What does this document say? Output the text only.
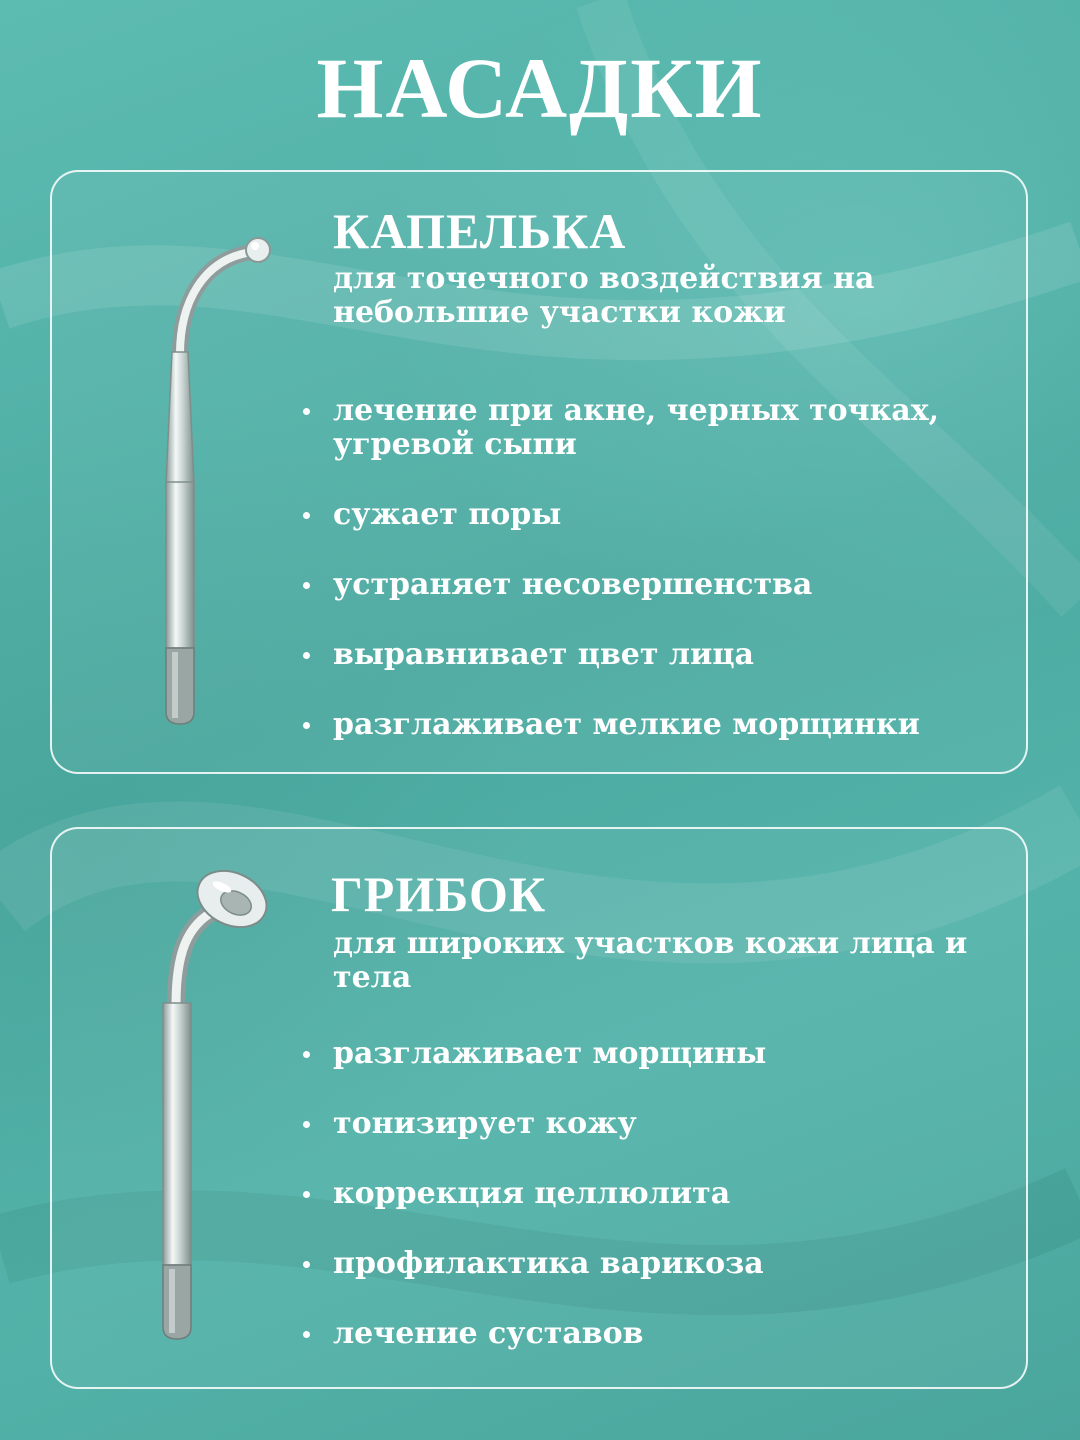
НАСАДКИ
КАПЕЛЬКА

для точечного воздействия на небольшие участки кожи

лечение при акне, черных точках, угревой сыпи
сужает поры
устраняет несовершенства
выравнивает цвет лица
разглаживает мелкие морщинки
ГРИБОК

для широких участков кожи лица и тела

разглаживает морщины
тонизирует кожу
коррекция целлюлита
профилактика варикоза
лечение суставов
